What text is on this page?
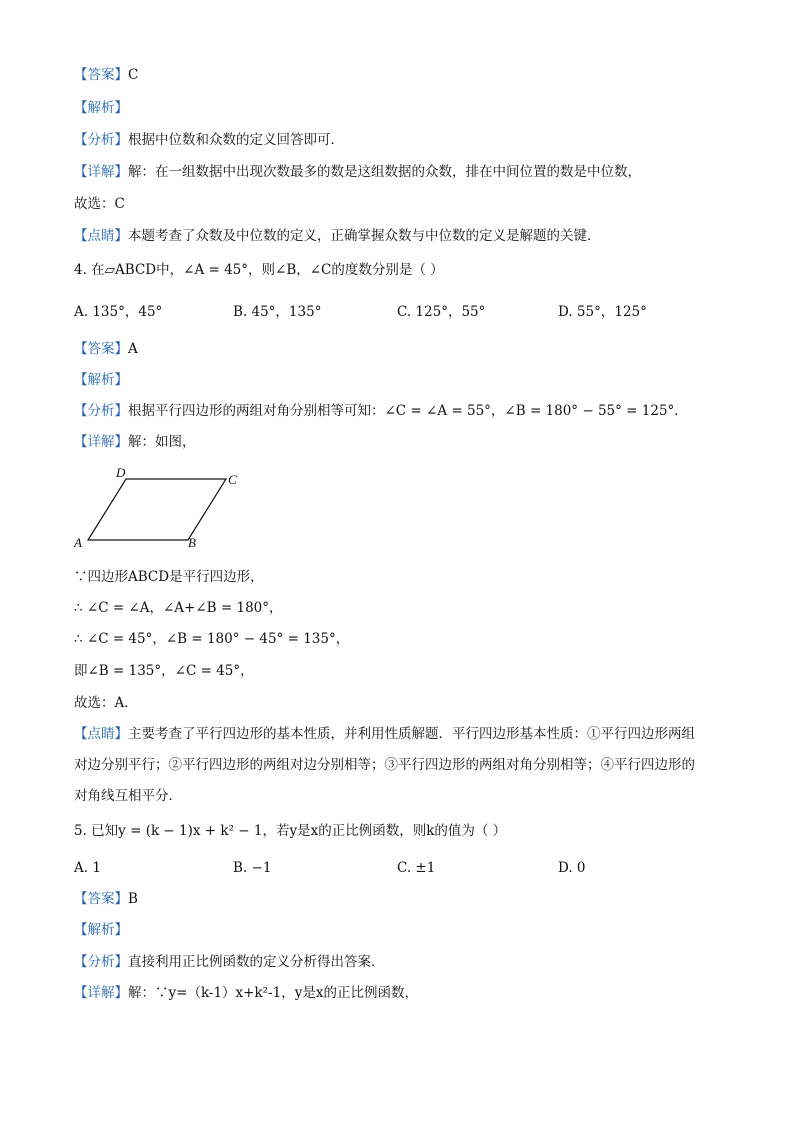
【答案】C
【解析】
【分析】根据中位数和众数的定义回答即可．
【详解】解：在一组数据中出现次数最多的数是这组数据的众数，排在中间位置的数是中位数，
故选：C
【点睛】本题考查了众数及中位数的定义，正确掌握众数与中位数的定义是解题的关键．
4. 在▱ABCD中，∠A = 45°，则∠B，∠C的度数分别是（ ）
A. 135°，45°	B. 45°，135°	C. 125°，55°	D. 55°，125°
【答案】A
【解析】
【分析】根据平行四边形的两组对角分别相等可知：∠C = ∠A = 55°，∠B = 180° − 55° = 125°．
【详解】解：如图，
A	B
C
D
∵四边形ABCD是平行四边形，
∴ ∠C = ∠A，∠A+∠B = 180°，
∴ ∠C = 45°，∠B = 180° − 45° = 135°，
即∠B = 135°，∠C = 45°，
故选：A．
【点睛】主要考查了平行四边形的基本性质，并利用性质解题．平行四边形基本性质：①平行四边形两组
对边分别平行；②平行四边形的两组对边分别相等；③平行四边形的两组对角分别相等；④平行四边形的
对角线互相平分．
5. 已知y = (k − 1)x + k² − 1，若y是x的正比例函数，则k的值为（ ）
A. 1	B. −1	C. ±1	D. 0
【答案】B
【解析】
【分析】直接利用正比例函数的定义分析得出答案．
【详解】解：∵y=（k-1）x+k²-1，y是x的正比例函数，
